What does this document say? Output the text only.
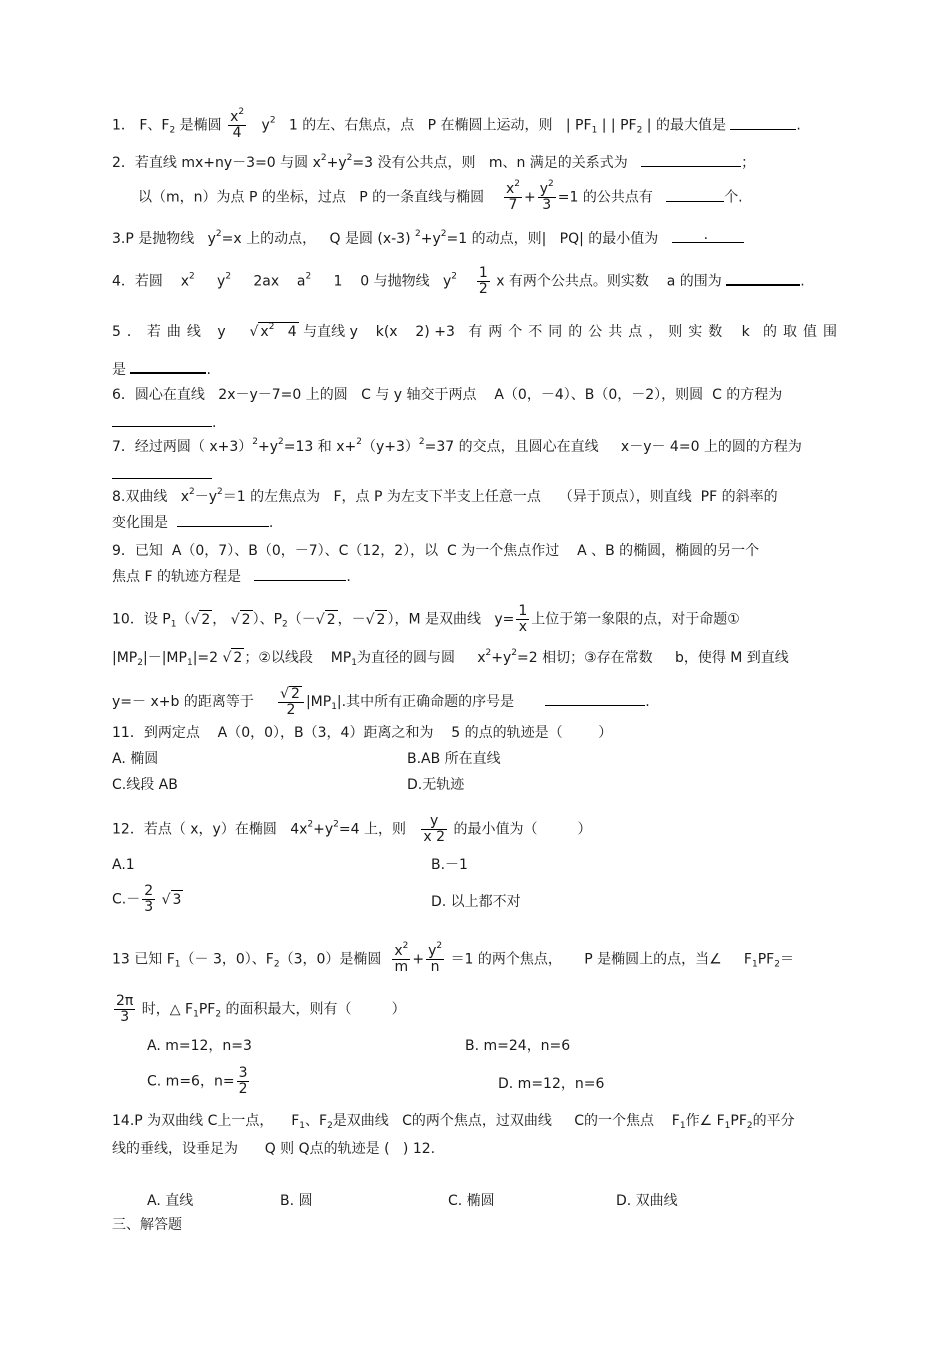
1． F、$F_2$ 是椭圆 $\frac{x^2}{4} y^2$ 1 的左、右焦点，点 P 在椭圆上运动，则 | $PF_1$ | | $PF_2$ | 的最大值是	.
2．若直线 mx+ny－3=0 与圆 $x^2+y^2=3$ 没有公共点，则 m、n 满足的关系式为	；
以（m，n）为点 P 的坐标，过点 P 的一条直线与椭圆 $\frac{x^2}{7} + \frac{y^2}{3} =1$ 的公共点有	个.
3.P 是抛物线 $y^2=x$ 上的动点， Q 是圆 (x-3) $^2+y^2=1$ 的动点，则| PQ| 的最小值为	.
4．若圆 $x^2$ $y^2$ 2ax $a^2$ 1 0 与抛物线 $y^2 \frac{1}{2}$ x 有两个公共点。则实数 a 的围为	.
5．若曲线 y √ $x^2$ 4 与直线 y k(x 2) +3 有两个不同的公共点，则实数 k 的取值围
是	.
6．圆心在直线 2x－y－7=0 上的圆 C 与 y 轴交于两点 A（0，－4）、B（0，－2），则圆 C 的方程为
.
7．经过两圆（ $x+3)^2+y^2=13$ 和 $x+^2(y+3)^2=37$ 的交点，且圆心在直线 x－y－ 4=0 上的圆的方程为
8.双曲线 $x^2-y^2=1$ 的左焦点为 F，点 P 为左支下半支上任意一点 （异于顶点），则直线 PF 的斜率的
变化围是	.
9．已知 A（0，7）、B（0，－7）、C（12，2），以 C 为一个焦点作过 A 、B 的椭圆，椭圆的另一个
焦点 F 的轨迹方程是	.
10．设 $P_1(√$ 2 ， √ 2 ）、$P_2(-√$ 2 ，－√ 2 ），M 是双曲线 $y= \frac{1}{x}$ 上位于第一象限的点，对于命题①
$|MP_2|-|MP_1|=2$ √ 2 ；②以线段 $MP_1$为直径的圆与圆 $x^2+y^2=2$ 相切；③存在常数 b，使得 M 到直线
y=－ x+b 的距离等于 $\frac{√ 2}{2} |MP_1|$.其中所有正确命题的序号是	.
11．到两定点 A（0，0），B（3，4）距离之和为 5 的点的轨迹是（	）
A. 椭圆	B.AB 所在直线
C.线段 AB	D.无轨迹
12．若点（ x，y）在椭圆 $4x^2+y^2=4$ 上，则 $\frac{y}{x 2}$ 的最小值为（	）
A.1	B.－1
$C.- \frac{2}{3}$ √ 3	D. 以上都不对
13 已知 $F_1(- 3$，0）、$F_2(3$，0）是椭圆 $\frac{x^2}{m} + \frac{y^2}{n} =1$ 的两个焦点， P 是椭圆上的点，当∠ $F_1PF_2=$
$\frac{2\pi}{3}$ 时，△ $F_1PF_2$ 的面积最大，则有（	）
A. m=12，n=3	B. m=24，n=6
C. m=6，$n= \frac{3}{2}$	D. m=12，n=6
14.P 为双曲线 C上一点， $F_1$、$F_2$是双曲线 C的两个焦点，过双曲线 C的一个焦点 $F_1$作∠ $F_1PF_2$的平分
线的垂线，设垂足为 Q 则 Q点的轨迹是 ( ) 12.
A. 直线	B. 圆	C. 椭圆	D. 双曲线
三、解答题
